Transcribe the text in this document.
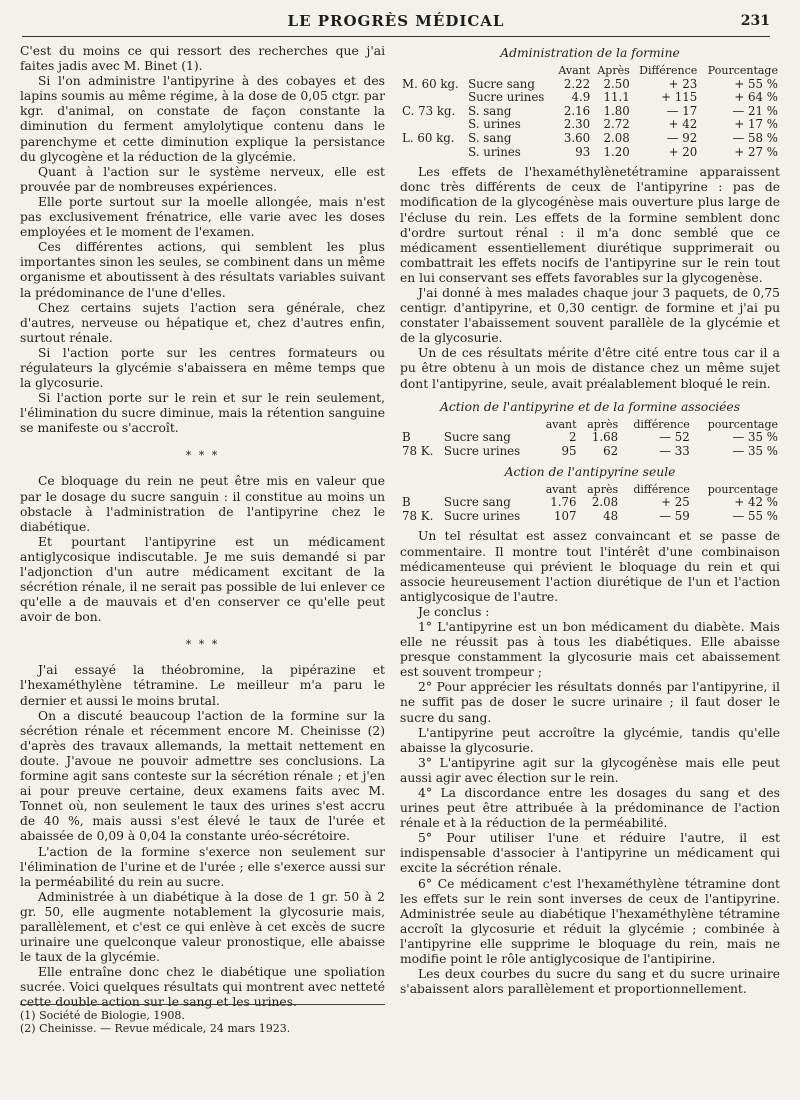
LE PROGRÈS MÉDICAL	231

C'est du moins ce qui ressort des recherches que j'ai faites jadis avec M. Binet (1).

Si l'on administre l'antipyrine à des cobayes et des lapins soumis au même régime, à la dose de 0,05 ctgr. par kgr. d'animal, on constate de façon constante la diminution du ferment amylolytique contenu dans le parenchyme et cette diminution explique la persistance du glycogène et la réduction de la glycémie.

Quant à l'action sur le système nerveux, elle est prouvée par de nombreuses expériences.

Elle porte surtout sur la moelle allongée, mais n'est pas exclusivement frénatrice, elle varie avec les doses employées et le moment de l'examen.

Ces différentes actions, qui semblent les plus importantes sinon les seules, se combinent dans un même organisme et aboutissent à des résultats variables suivant la prédominance de l'une d'elles.

Chez certains sujets l'action sera générale, chez d'autres, nerveuse ou hépatique et, chez d'autres enfin, surtout rénale.

Si l'action porte sur les centres formateurs ou régulateurs la glycémie s'abaissera en même temps que la glycosurie.

Si l'action porte sur le rein et sur le rein seulement, l'élimination du sucre diminue, mais la rétention sanguine se manifeste ou s'accroît.

* * *

Ce bloquage du rein ne peut être mis en valeur que par le dosage du sucre sanguin : il constitue au moins un obstacle à l'administration de l'antipyrine chez le diabétique.

Et pourtant l'antipyrine est un médicament antiglycosique indiscutable. Je me suis demandé si par l'adjonction d'un autre médicament excitant de la sécrétion rénale, il ne serait pas possible de lui enlever ce qu'elle a de mauvais et d'en conserver ce qu'elle peut avoir de bon.

* * *

J'ai essayé la théobromine, la pipérazine et l'hexaméthylène tétramine. Le meilleur m'a paru le dernier et aussi le moins brutal.

On a discuté beaucoup l'action de la formine sur la sécrétion rénale et récemment encore M. Cheinisse (2) d'après des travaux allemands, la mettait nettement en doute. J'avoue ne pouvoir admettre ses conclusions. La formine agit sans conteste sur la sécrétion rénale ; et j'en ai pour preuve certaine, deux examens faits avec M. Tonnet où, non seulement le taux des urines s'est accru de 40 %, mais aussi s'est élevé le taux de l'urée et abaissée de 0,09 à 0,04 la constante uréo-sécrétoire.

L'action de la formine s'exerce non seulement sur l'élimination de l'urine et de l'urée ; elle s'exerce aussi sur la perméabilité du rein au sucre.

Administrée à un diabétique à la dose de 1 gr. 50 à 2 gr. 50, elle augmente notablement la glycosurie mais, parallèlement, et c'est ce qui enlève à cet excès de sucre urinaire une quelconque valeur pronostique, elle abaisse le taux de la glycémie.

Elle entraîne donc chez le diabétique une spoliation sucrée. Voici quelques résultats qui montrent avec netteté cette double action sur le sang et les urines.

(1) Société de Biologie, 1908.
(2) Cheinisse. — Revue médicale, 24 mars 1923.
Administration de la formine
		Avant	Après	Différence	Pourcentage
M. 60 kg.	Sucre sang	2.22	2.50	+ 23	+ 55 %
	Sucre urines	4.9	11.1	+ 115	+ 64 %
C. 73 kg.	S. sang	2.16	1.80	— 17	— 21 %
	S. urines	2.30	2.72	+ 42	+ 17 %
L. 60 kg.	S. sang	3.60	2.08	— 92	— 58 %
	S. urines	93	1.20	+ 20	+ 27 %

Les effets de l'hexaméthylènetétramine apparaissent donc très différents de ceux de l'antipyrine : pas de modification de la glycogénèse mais ouverture plus large de l'écluse du rein. Les effets de la formine semblent donc d'ordre surtout rénal : il m'a donc semblé que ce médicament essentiellement diurétique supprimerait ou combattrait les effets nocifs de l'antipyrine sur le rein tout en lui conservant ses effets favorables sur la glycogenèse.

J'ai donné à mes malades chaque jour 3 paquets, de 0,75 centigr. d'antipyrine, et 0,30 centigr. de formine et j'ai pu constater l'abaissement souvent parallèle de la glycémie et de la glycosurie.

Un de ces résultats mérite d'être cité entre tous car il a pu être obtenu à un mois de distance chez un même sujet dont l'antipyrine, seule, avait préalablement bloqué le rein.

Action de l'antipyrine et de la formine associées
		avant	après	différence	pourcentage
B	Sucre sang	2	1.68	— 52	— 35 %
78 K.	Sucre urines	95	62	— 33	— 35 %
Action de l'antipyrine seule
		avant	après	différence	pourcentage
B	Sucre sang	1.76	2.08	+ 25	+ 42 %
78 K.	Sucre urines	107	48	— 59	— 55 %

Un tel résultat est assez convaincant et se passe de commentaire. Il montre tout l'intérêt d'une combinaison médicamenteuse qui prévient le bloquage du rein et qui associe heureusement l'action diurétique de l'un et l'action antiglycosique de l'autre.

Je conclus :

1° L'antipyrine est un bon médicament du diabète. Mais elle ne réussit pas à tous les diabétiques. Elle abaisse presque constamment la glycosurie mais cet abaissement est souvent trompeur ;

2° Pour apprécier les résultats donnés par l'antipyrine, il ne suffit pas de doser le sucre urinaire ; il faut doser le sucre du sang.

L'antipyrine peut accroître la glycémie, tandis qu'elle abaisse la glycosurie.

3° L'antipyrine agit sur la glycogénèse mais elle peut aussi agir avec élection sur le rein.

4° La discordance entre les dosages du sang et des urines peut être attribuée à la prédominance de l'action rénale et à la réduction de la perméabilité.

5° Pour utiliser l'une et réduire l'autre, il est indispensable d'associer à l'antipyrine un médicament qui excite la sécrétion rénale.

6° Ce médicament c'est l'hexaméthylène tétramine dont les effets sur le rein sont inverses de ceux de l'antipyrine. Administrée seule au diabétique l'hexaméthylène tétramine accroît la glycosurie et réduit la glycémie ; combinée à l'antipyrine elle supprime le bloquage du rein, mais ne modifie point le rôle antiglycosique de l'antipirine.

Les deux courbes du sucre du sang et du sucre urinaire s'abaissent alors parallèlement et proportionnellement.
